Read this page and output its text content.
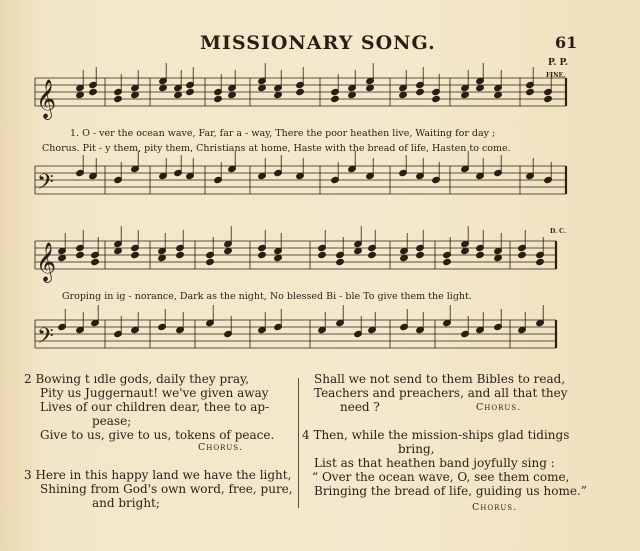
MISSIONARY SONG.	61
P. P.
FINE.
D. C.
𝄞
𝄢
𝄞
𝄢
1. O - ver the ocean wave, Far, far a - way, There the poor heathen live, Waiting for day ;
Chorus. Pit - y them, pity them, Christians at home, Haste with the bread of life, Hasten to come.
Groping in ig - norance, Dark as the night, No blessed Bi - ble To give them the light.
2 Bowing t ıdle gods, daily they pray,
Pity us Juggernaut! we've given away
Lives of our children dear, thee to ap-
pease;
Give to us, give to us, tokens of peace.
Chorus.
3 Here in this happy land we have the light,
Shining from God's own word, free, pure,
and bright;
Shall we not send to them Bibles to read,
Teachers and preachers, and all that they
need ?	Chorus.
4 Then, while the mission-ships glad tidings
bring,
List as that heathen band joyfully sing :
“ Over the ocean wave, O, see them come,
Bringing the bread of life, guiding us home.”
Chorus.
